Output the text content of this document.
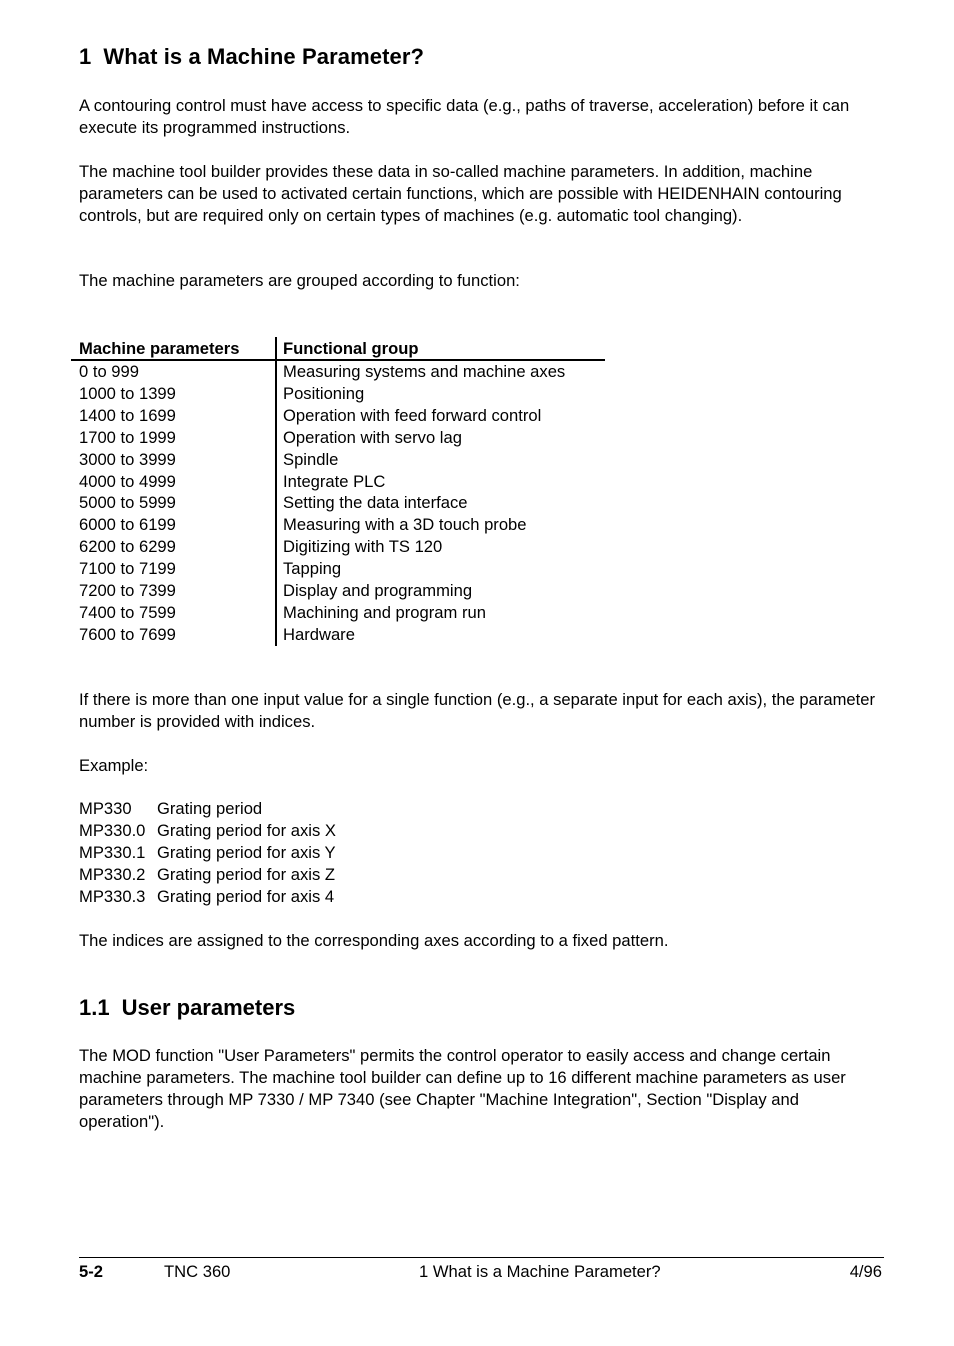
1 What is a Machine Parameter?

A contouring control must have access to specific data (e.g., paths of traverse, acceleration) before it can execute its programmed instructions.

The machine tool builder provides these data in so-called machine parameters. In addition, machine parameters can be used to activated certain functions, which are possible with HEIDENHAIN contouring controls, but are required only on certain types of machines (e.g. automatic tool changing).

The machine parameters are grouped according to function:

Machine parameters	Functional group
0 to 999	Measuring systems and machine axes
1000 to 1399	Positioning
1400 to 1699	Operation with feed forward control
1700 to 1999	Operation with servo lag
3000 to 3999	Spindle
4000 to 4999	Integrate PLC
5000 to 5999	Setting the data interface
6000 to 6199	Measuring with a 3D touch probe
6200 to 6299	Digitizing with TS 120
7100 to 7199	Tapping
7200 to 7399	Display and programming
7400 to 7599	Machining and program run
7600 to 7699	Hardware

If there is more than one input value for a single function (e.g., a separate input for each axis), the parameter number is provided with indices.

Example:

MP330 Grating period
MP330.0 Grating period for axis X
MP330.1 Grating period for axis Y
MP330.2 Grating period for axis Z
MP330.3 Grating period for axis 4

The indices are assigned to the corresponding axes according to a fixed pattern.

1.1 User parameters

The MOD function "User Parameters" permits the control operator to easily access and change certain machine parameters. The machine tool builder can define up to 16 different machine parameters as user parameters through MP 7330 / MP 7340 (see Chapter "Machine Integration", Section "Display and operation").

5-2	TNC 360	1 What is a Machine Parameter?	4/96
